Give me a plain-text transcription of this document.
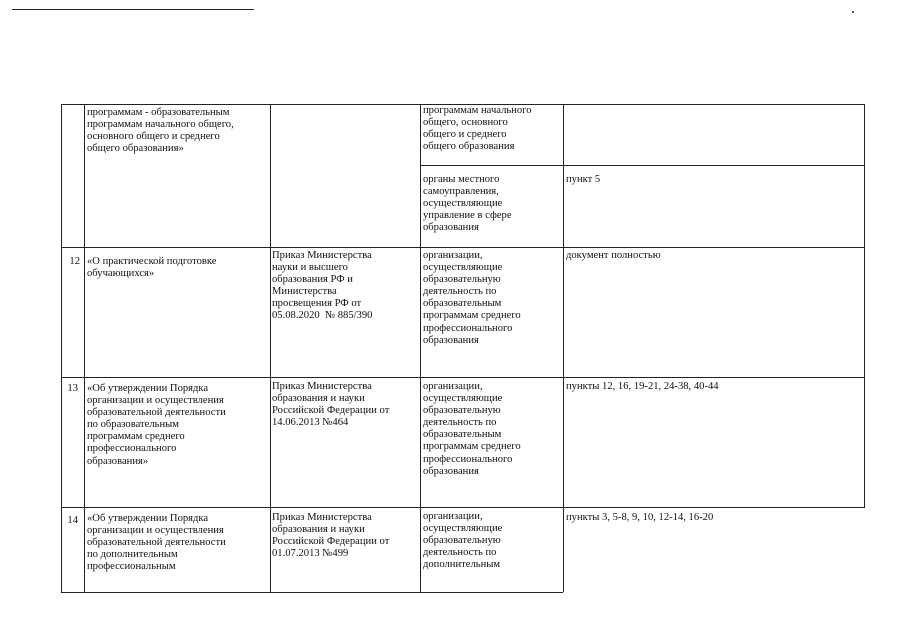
программам - образовательным
программам начального общего,
основного общего и среднего
общего образования»
программам начального
общего, основного
общего и среднего
общего образования
органы местного
самоуправления,
осуществляющие
управление в сфере
образования
пункт 5
12 «О практической подготовке
обучающихся»
Приказ Министерства
науки и высшего
образования РФ и
Министерства
просвещения РФ от
05.08.2020  № 885/390
организации,
осуществляющие
образовательную
деятельность по
образовательным
программам среднего
профессионального
образования
документ полностью
13 «Об утверждении Порядка
организации и осуществления
образовательной деятельности
по образовательным
программам среднего
профессионального
образования»
Приказ Министерства
образования и науки
Российской Федерации от
14.06.2013 №464
организации,
осуществляющие
образовательную
деятельность по
образовательным
программам среднего
профессионального
образования
пункты 12, 16, 19-21, 24-38, 40-44
14 «Об утверждении Порядка
организации и осуществления
образовательной деятельности
по дополнительным
профессиональным
Приказ Министерства
образования и науки
Российской Федерации от
01.07.2013 №499
организации,
осуществляющие
образовательную
деятельность по
дополнительным
пункты 3, 5-8, 9, 10, 12-14, 16-20
